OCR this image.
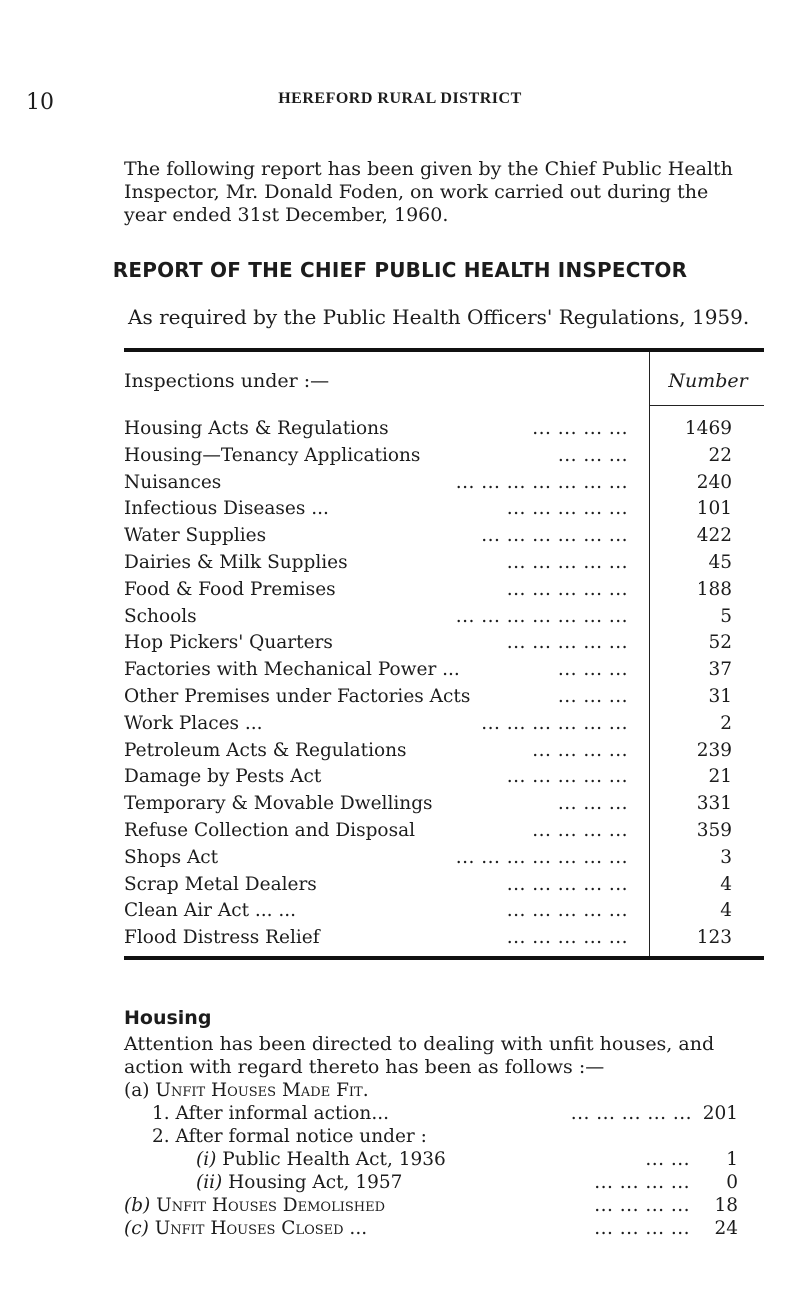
10	HEREFORD RURAL DISTRICT
The following report has been given by the Chief Public Health Inspector, Mr. Donald Foden, on work carried out during the year ended 31st December, 1960.
REPORT OF THE CHIEF PUBLIC HEALTH INSPECTOR
As required by the Public Health Officers' Regulations, 1959.
Inspections under :—	Number
Housing Acts & Regulations	... ... ... ...	1469
Housing—Tenancy Applications	... ... ...	22
Nuisances	... ... ... ... ... ... ...	240
Infectious Diseases ...	... ... ... ... ...	101
Water Supplies	... ... ... ... ... ...	422
Dairies & Milk Supplies	... ... ... ... ...	45
Food & Food Premises	... ... ... ... ...	188
Schools	... ... ... ... ... ... ...	5
Hop Pickers' Quarters	... ... ... ... ...	52
Factories with Mechanical Power ...	... ... ...	37
Other Premises under Factories Acts	... ... ...	31
Work Places ...	... ... ... ... ... ...	2
Petroleum Acts & Regulations	... ... ... ...	239
Damage by Pests Act	... ... ... ... ...	21
Temporary & Movable Dwellings	... ... ...	331
Refuse Collection and Disposal	... ... ... ...	359
Shops Act	... ... ... ... ... ... ...	3
Scrap Metal Dealers	... ... ... ... ...	4
Clean Air Act ... ...	... ... ... ... ...	4
Flood Distress Relief	... ... ... ... ...	123
Housing
Attention has been directed to dealing with unfit houses, and action with regard thereto has been as follows :—
(a) Unfit Houses Made Fit.
1. After informal action...	... ... ... ... ... 201
2. After formal notice under :
(i) Public Health Act, 1936	... ... 1
(ii) Housing Act, 1957	... ... ... ... 0
(b) Unfit Houses Demolished	... ... ... ... 18
(c) Unfit Houses Closed ...	... ... ... ... 24
